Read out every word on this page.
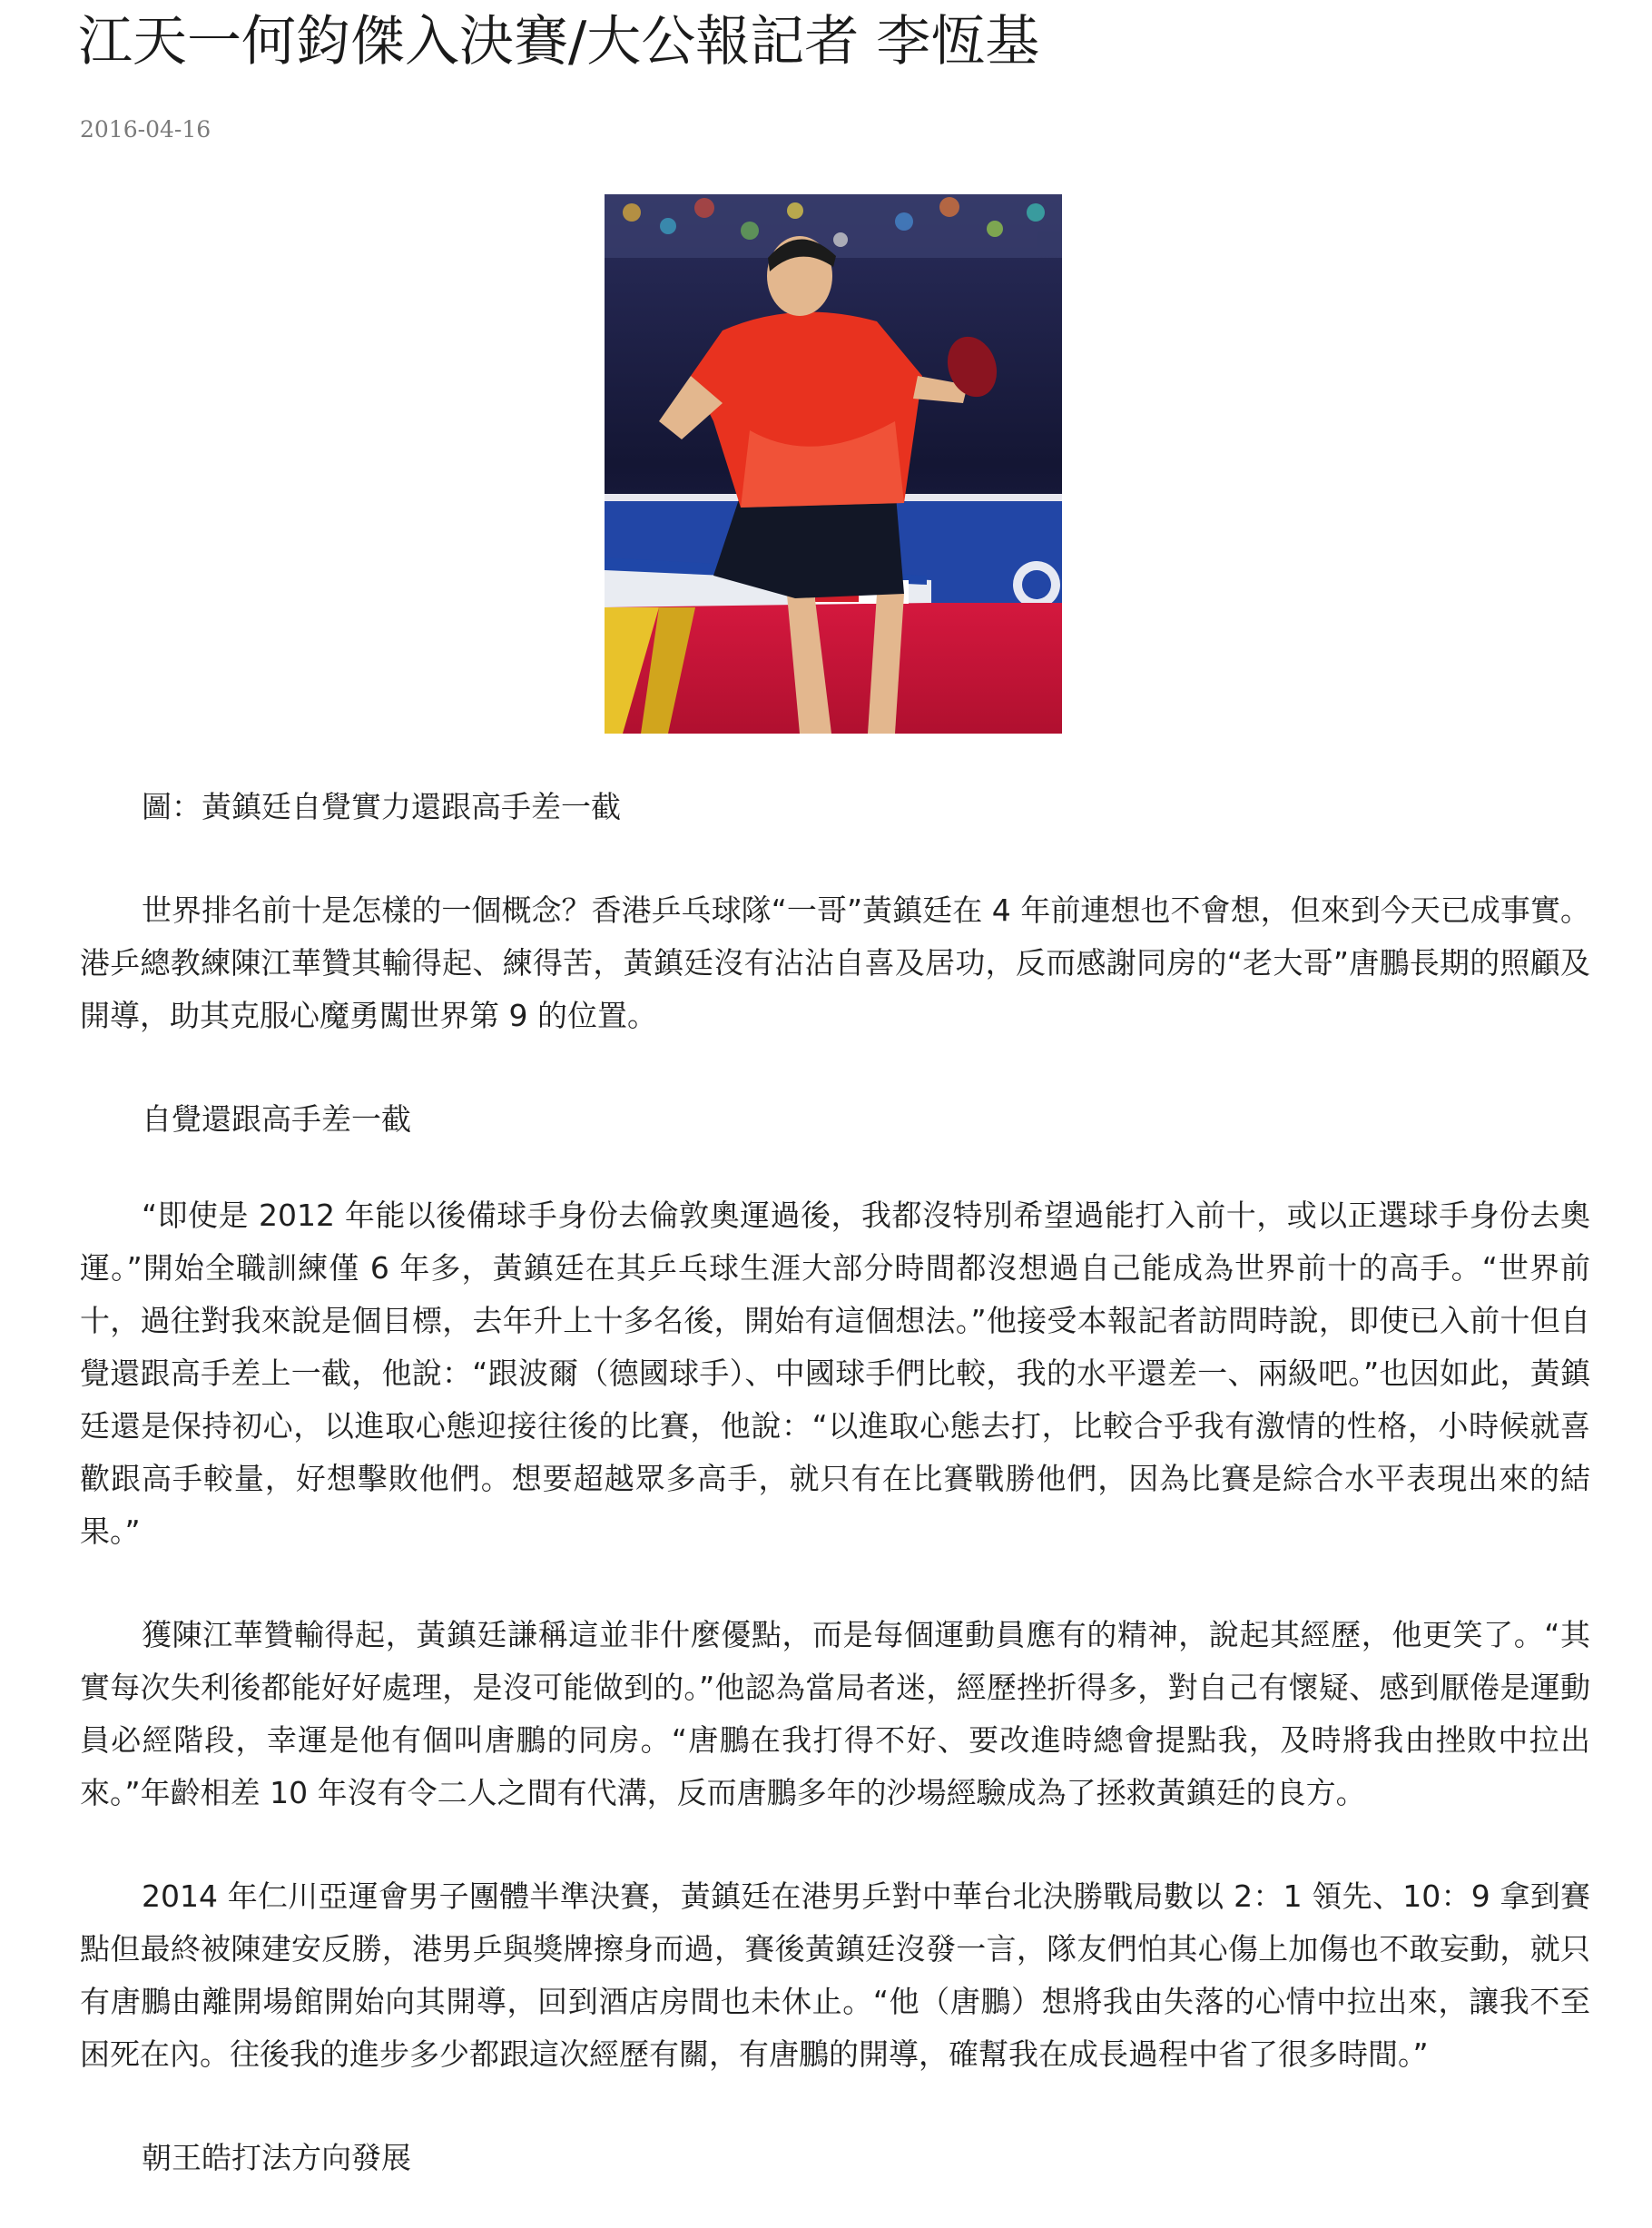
江天一何鈞傑入決賽/大公報記者 李恆基
2016-04-16

圖：黃鎮廷自覺實力還跟高手差一截

世界排名前十是怎樣的一個概念？香港乒乓球隊“一哥”黃鎮廷在 4 年前連想也不會想，但來到今天已成事實。港乒總教練陳江華贊其輸得起、練得苦，黃鎮廷沒有沾沾自喜及居功，反而感謝同房的“老大哥”唐鵬長期的照顧及開導，助其克服心魔勇闖世界第 9 的位置。

自覺還跟高手差一截

“即使是 2012 年能以後備球手身份去倫敦奧運過後，我都沒特別希望過能打入前十，或以正選球手身份去奧運。”開始全職訓練僅 6 年多，黃鎮廷在其乒乓球生涯大部分時間都沒想過自己能成為世界前十的高手。“世界前十，過往對我來說是個目標，去年升上十多名後，開始有這個想法。”他接受本報記者訪問時說，即使已入前十但自覺還跟高手差上一截，他說：“跟波爾（德國球手）、中國球手們比較，我的水平還差一、兩級吧。”也因如此，黃鎮廷還是保持初心，以進取心態迎接往後的比賽，他說：“以進取心態去打，比較合乎我有激情的性格，小時候就喜歡跟高手較量，好想擊敗他們。想要超越眾多高手，就只有在比賽戰勝他們，因為比賽是綜合水平表現出來的結果。”

獲陳江華贊輸得起，黃鎮廷謙稱這並非什麼優點，而是每個運動員應有的精神，說起其經歷，他更笑了。“其實每次失利後都能好好處理，是沒可能做到的。”他認為當局者迷，經歷挫折得多，對自己有懷疑、感到厭倦是運動員必經階段，幸運是他有個叫唐鵬的同房。“唐鵬在我打得不好、要改進時總會提點我，及時將我由挫敗中拉出來。”年齡相差 10 年沒有令二人之間有代溝，反而唐鵬多年的沙場經驗成為了拯救黃鎮廷的良方。

2014 年仁川亞運會男子團體半準決賽，黃鎮廷在港男乒對中華台北決勝戰局數以 2：1 領先、10：9 拿到賽點但最終被陳建安反勝，港男乒與獎牌擦身而過，賽後黃鎮廷沒發一言，隊友們怕其心傷上加傷也不敢妄動，就只有唐鵬由離開場館開始向其開導，回到酒店房間也未休止。“他（唐鵬）想將我由失落的心情中拉出來，讓我不至困死在內。往後我的進步多少都跟這次經歷有關，有唐鵬的開導，確幫我在成長過程中省了很多時間。”

朝王皓打法方向發展
